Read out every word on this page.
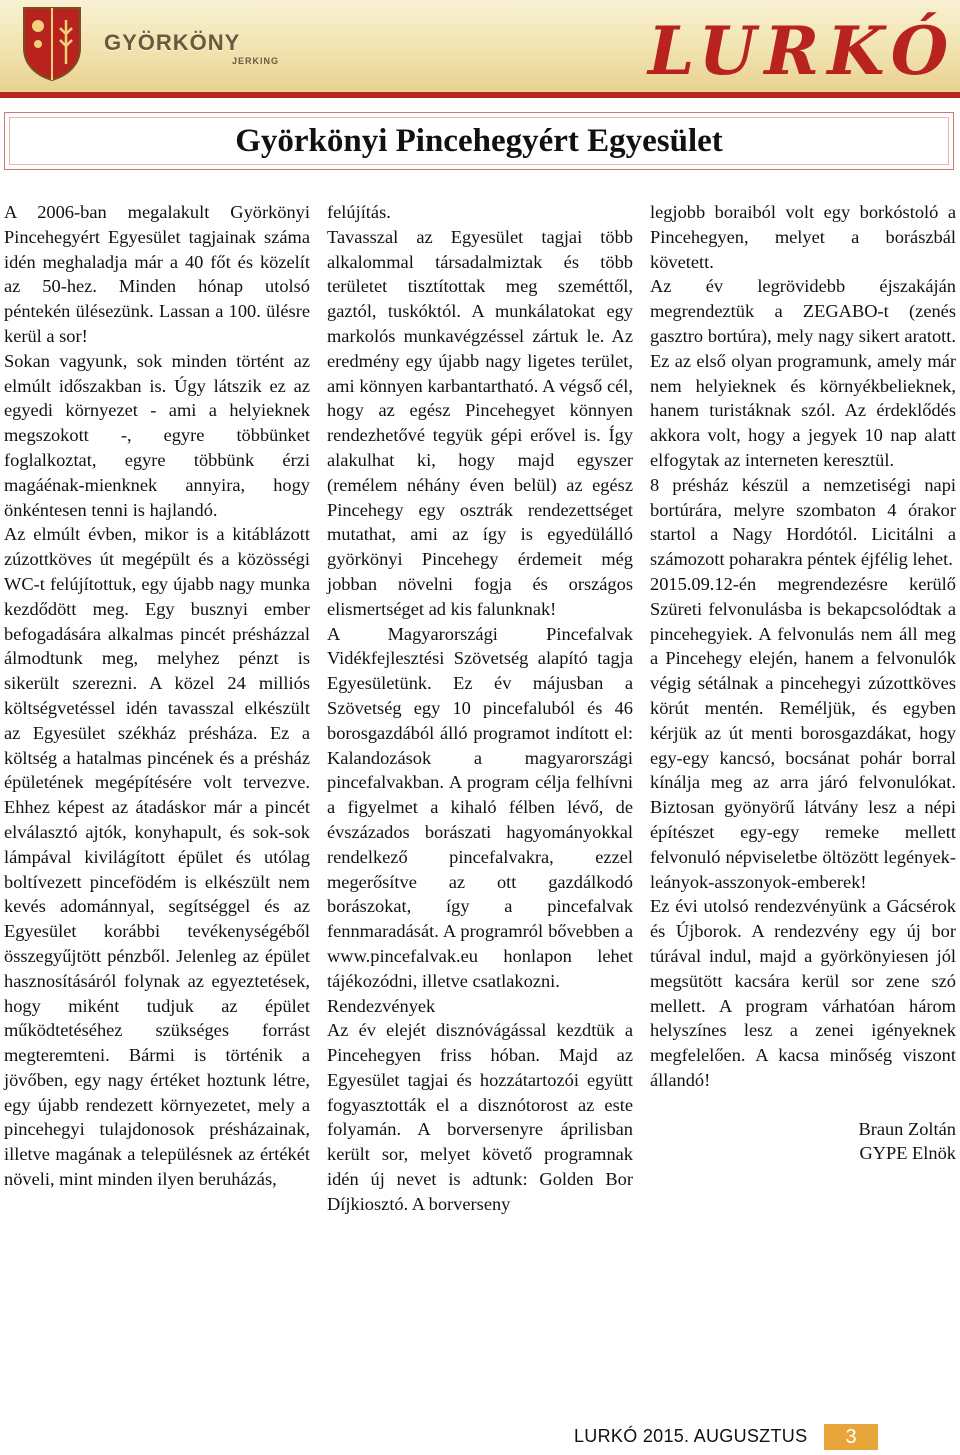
GYÖRKÖNY
JERKING	LURKÓ
Györkönyi Pincehegyért Egyesület

A 2006-ban megalakult Györkönyi Pincehegyért Egyesület tagjainak száma idén meghaladja már a 40 főt és közelít az 50-hez. Minden hónap utolsó péntekén ülésezünk. Lassan a 100. ülésre kerül a sor!

Sokan vagyunk, sok minden történt az elmúlt időszakban is. Úgy látszik ez az egyedi környezet - ami a helyieknek megszokott -, egyre többünket foglalkoztat, egyre többünk érzi magáénak-mienknek annyira, hogy önkéntesen tenni is hajlandó.

Az elmúlt évben, mikor is a kitáblázott zúzottköves út megépült és a közösségi WC-t felújítottuk, egy újabb nagy munka kezdődött meg. Egy busznyi ember befogadására alkalmas pincét présházzal álmodtunk meg, melyhez pénzt is sikerült szerezni. A közel 24 milliós költségvetéssel idén tavasszal elkészült az Egyesület székház présháza. Ez a költség a hatalmas pincének és a présház épületének megépítésére volt tervezve. Ehhez képest az átadáskor már a pincét elválasztó ajtók, konyhapult, és sok-sok lámpával kivilágított épület és utólag boltívezett pincefödém is elkészült nem kevés adománnyal, segítséggel és az Egyesület korábbi tevékenységéből összegyűjtött pénzből. Jelenleg az épület hasznosításáról folynak az egyeztetések, hogy miként tudjuk az épület működtetéséhez szükséges forrást megteremteni. Bármi is történik a jövőben, egy nagy értéket hoztunk létre, egy újabb rendezett környezetet, mely a pincehegyi tulajdonosok présházainak, illetve magának a településnek az értékét növeli, mint minden ilyen beruházás,

felújítás.

Tavasszal az Egyesület tagjai több alkalommal társadalmiztak és több területet tisztítottak meg szeméttől, gaztól, tuskóktól. A munkálatokat egy markolós munkavégzéssel zártuk le. Az eredmény egy újabb nagy ligetes terület, ami könnyen karbantartható. A végső cél, hogy az egész Pincehegyet könnyen rendezhetővé tegyük gépi erővel is. Így alakulhat ki, hogy majd egyszer (remélem néhány éven belül) az egész Pincehegy egy osztrák rendezettséget mutathat, ami az így is egyedülálló györkönyi Pincehegy érdemeit még jobban növelni fogja és országos elismertséget ad kis falunknak!

A Magyarországi Pincefalvak Vidékfejlesztési Szövetség alapító tagja Egyesületünk. Ez év májusban a Szövetség egy 10 pincefaluból és 46 borosgazdából álló programot indított el: Kalandozások a magyarországi pincefalvakban. A program célja felhívni a figyelmet a kihaló félben lévő, de évszázados borászati hagyományokkal rendelkező pincefalvakra, ezzel megerősítve az ott gazdálkodó borászokat, így a pincefalvak fennmaradását. A programról bővebben a www.pincefalvak.eu honlapon lehet tájékozódni, illetve csatlakozni.

Rendezvények

Az év elejét disznóvágással kezdtük a Pincehegyen friss hóban. Majd az Egyesület tagjai és hozzátartozói együtt fogyasztották el a disznótorost az este folyamán. A borversenyre áprilisban került sor, melyet követő programnak idén új nevet is adtunk: Golden Bor Díjkiosztó. A borverseny

legjobb boraiból volt egy borkóstoló a Pincehegyen, melyet a borászbál követett.

Az év legrövidebb éjszakáján megrendeztük a ZEGABO-t (zenés gasztro bortúra), mely nagy sikert aratott. Ez az első olyan programunk, amely már nem helyieknek és környékbelieknek, hanem turistáknak szól. Az érdeklődés akkora volt, hogy a jegyek 10 nap alatt elfogytak az interneten keresztül.

8 présház készül a nemzetiségi napi bortúrára, melyre szombaton 4 órakor startol a Nagy Hordótól. Licitálni a számozott poharakra péntek éjfélig lehet.

2015.09.12-én megrendezésre kerülő Szüreti felvonulásba is bekapcsolódtak a pincehegyiek. A felvonulás nem áll meg a Pincehegy elején, hanem a felvonulók végig sétálnak a pincehegyi zúzottköves körút mentén. Reméljük, és egyben kérjük az út menti borosgazdákat, hogy egy-egy kancsó, bocsánat pohár borral kínálja meg az arra járó felvonulókat. Biztosan gyönyörű látvány lesz a népi építészet egy-egy remeke mellett felvonuló népviseletbe öltözött legények-leányok-asszonyok-emberek!

Ez évi utolsó rendezvényünk a Gácsérok és Újborok. A rendezvény egy új bor túrával indul, majd a györkönyiesen jól megsütött kacsára kerül sor zene szó mellett. A program várhatóan három helyszínes lesz a zenei igényeknek megfelelően. A kacsa minőség viszont állandó!

Braun Zoltán
GYPE Elnök

LURKÓ 2015. AUGUSZTUS	3
